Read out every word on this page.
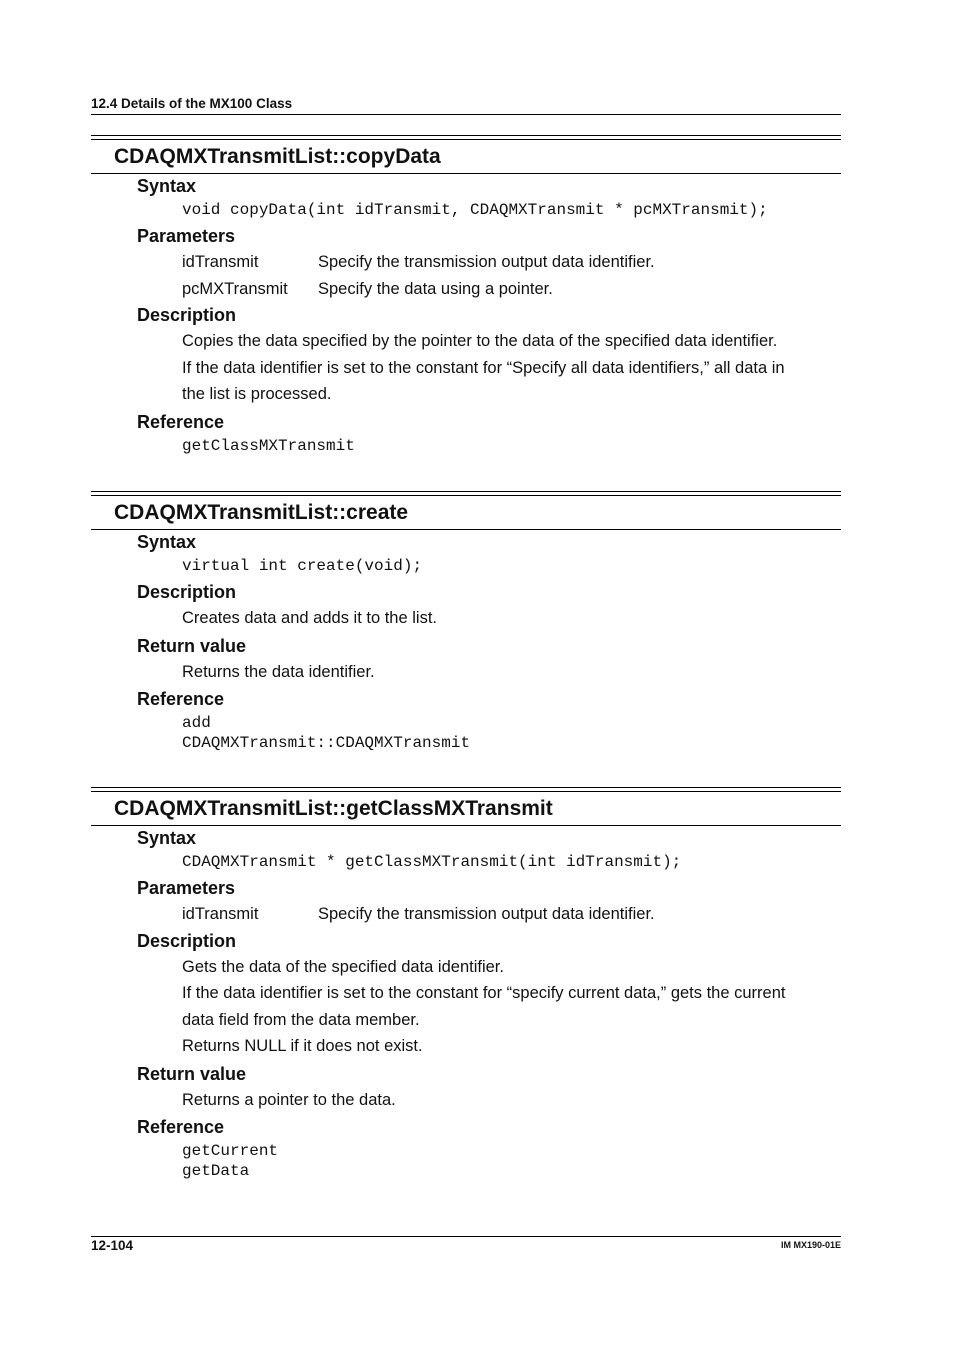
12.4 Details of the MX100 Class
CDAQMXTransmitList::copyData
Syntax
void copyData(int idTransmit, CDAQMXTransmit * pcMXTransmit);
Parameters
idTransmit	Specify the transmission output data identifier.
pcMXTransmit	Specify the data using a pointer.
Description
Copies the data specified by the pointer to the data of the specified data identifier.
If the data identifier is set to the constant for “Specify all data identifiers,” all data in
the list is processed.
Reference
getClassMXTransmit
CDAQMXTransmitList::create
Syntax
virtual int create(void);
Description
Creates data and adds it to the list.
Return value
Returns the data identifier.
Reference
add
CDAQMXTransmit::CDAQMXTransmit
CDAQMXTransmitList::getClassMXTransmit
Syntax
CDAQMXTransmit * getClassMXTransmit(int idTransmit);
Parameters
idTransmit	Specify the transmission output data identifier.
Description
Gets the data of the specified data identifier.
If the data identifier is set to the constant for “specify current data,” gets the current
data field from the data member.
Returns NULL if it does not exist.
Return value
Returns a pointer to the data.
Reference
getCurrent
getData
12-104	IM MX190-01E
